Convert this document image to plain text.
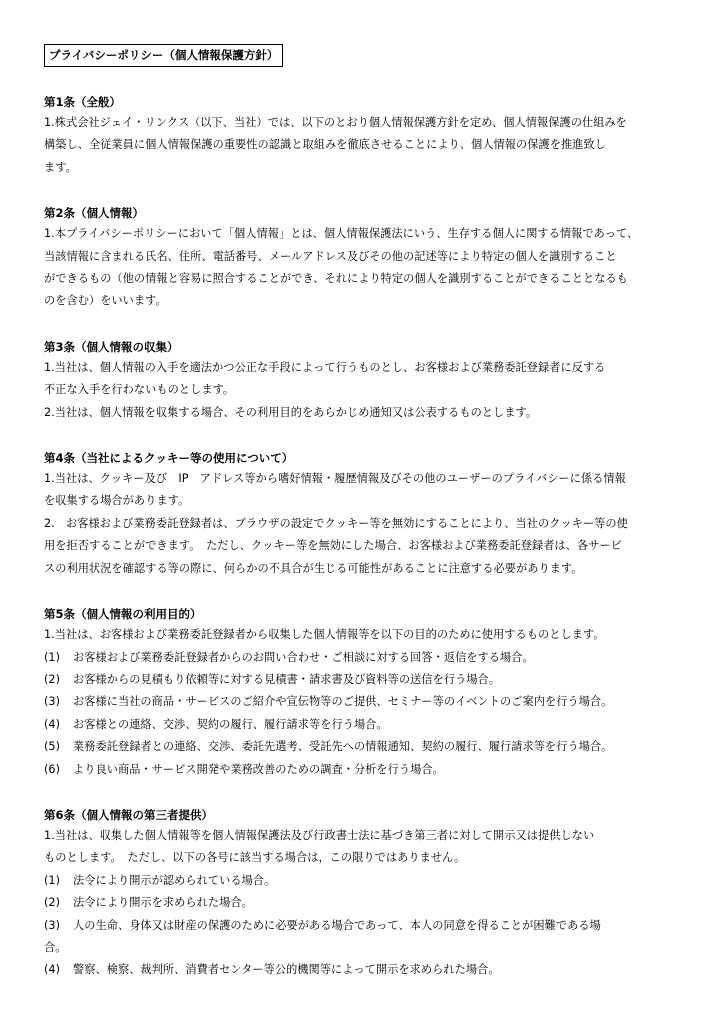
プライバシーポリシー（個人情報保護方針）
第1条（全般）
1.株式会社ジェイ・リンクス（以下、当社）では、以下のとおり個人情報保護方針を定め、個人情報保護の仕組みを
構築し、全従業員に個人情報保護の重要性の認識と取組みを徹底させることにより、個人情報の保護を推進致し
ます。
第2条（個人情報）
1.本プライバシーポリシーにおいて「個人情報」とは、個人情報保護法にいう、生存する個人に関する情報であって、
当該情報に含まれる氏名、住所、電話番号、メールアドレス及びその他の記述等により特定の個人を識別すること
ができるもの（他の情報と容易に照合することができ、それにより特定の個人を識別することができることとなるも
のを含む）をいいます。
第3条（個人情報の収集）
1.当社は、個人情報の入手を適法かつ公正な手段によって行うものとし、お客様および業務委託登録者に反する
不正な入手を行わないものとします。
2.当社は、個人情報を収集する場合、その利用目的をあらかじめ通知又は公表するものとします。
第4条（当社によるクッキー等の使用について）
1.当社は、クッキー及び　IP　アドレス等から嗜好情報・履歴情報及びその他のユーザーのプライバシーに係る情報
を収集する場合があります。
2.　お客様および業務委託登録者は、ブラウザの設定でクッキー等を無効にすることにより、当社のクッキー等の使
用を拒否することができます。　ただし、クッキー等を無効にした場合、お客様および業務委託登録者は、各サービ
スの利用状況を確認する等の際に、何らかの不具合が生じる可能性があることに注意する必要があります。
第5条（個人情報の利用目的）
1.当社は、お客様および業務委託登録者から収集した個人情報等を以下の目的のために使用するものとします。
(1) お客様および業務委託登録者からのお問い合わせ・ご相談に対する回答・返信をする場合。
(2) お客様からの見積もり依頼等に対する見積書・請求書及び資料等の送信を行う場合。
(3) お客様に当社の商品・サービスのご紹介や宣伝物等のご提供、セミナー等のイベントのご案内を行う場合。
(4) お客様との連絡、交渉、契約の履行、履行請求等を行う場合。
(5) 業務委託登録者との連絡、交渉、委託先選考、受託先への情報通知、契約の履行、履行請求等を行う場合。
(6) より良い商品・サービス開発や業務改善のための調査・分析を行う場合。
第6条（個人情報の第三者提供）
1.当社は、収集した個人情報等を個人情報保護法及び行政書士法に基づき第三者に対して開示又は提供しない
ものとします。　ただし、以下の各号に該当する場合は，この限りではありません。
(1) 法令により開示が認められている場合。
(2) 法令により開示を求められた場合。
(3) 人の生命、身体又は財産の保護のために必要がある場合であって、本人の同意を得ることが困難である場
合。
(4) 警察、検察、裁判所、消費者センター等公的機関等によって開示を求められた場合。
